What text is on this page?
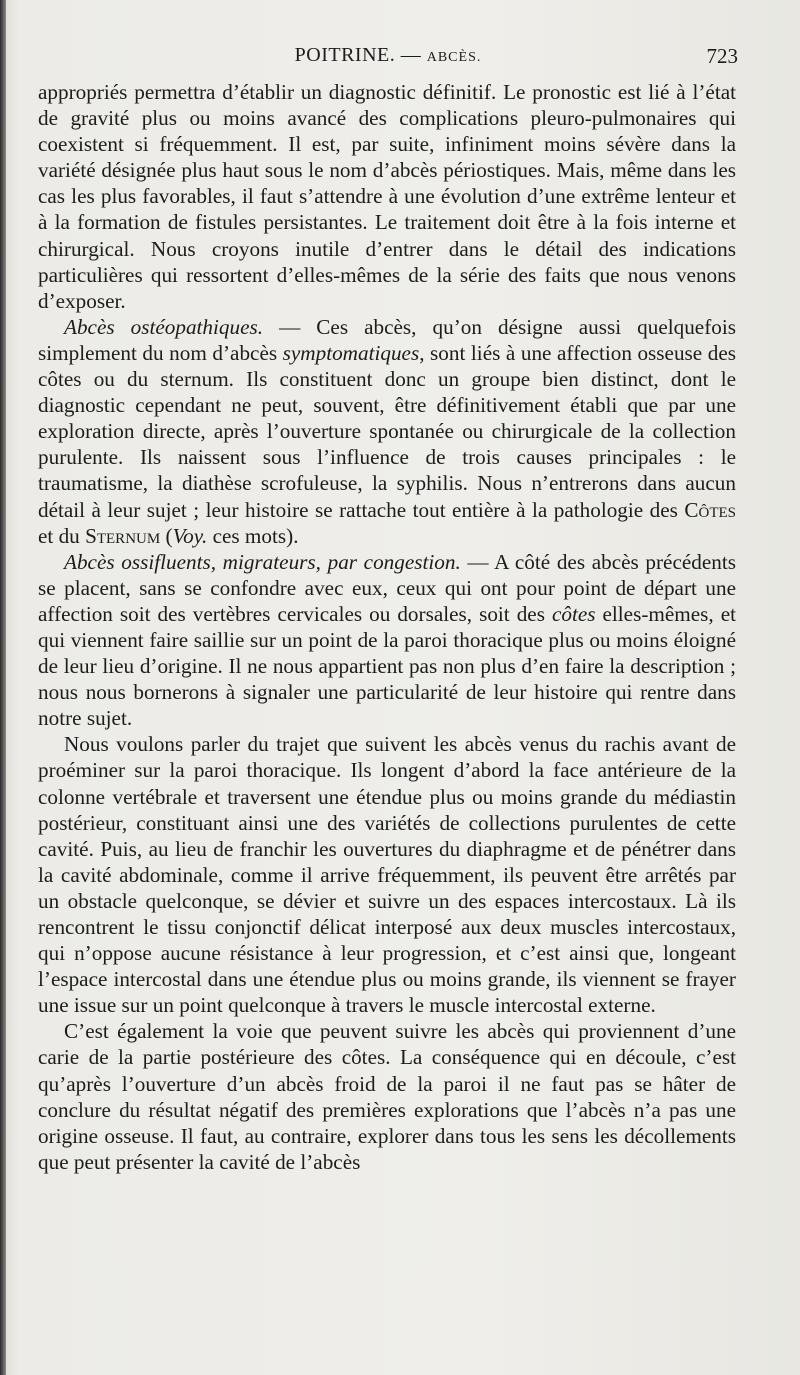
POITRINE. — ABCÈS.	723

appropriés permettra d’établir un diagnostic définitif. Le pronostic est lié à l’état de gravité plus ou moins avancé des complications pleuro-pulmonaires qui coexistent si fréquemment. Il est, par suite, infiniment moins sévère dans la variété désignée plus haut sous le nom d’abcès périostiques. Mais, même dans les cas les plus favorables, il faut s’attendre à une évolution d’une extrême lenteur et à la formation de fistules persistantes. Le traitement doit être à la fois interne et chirurgical. Nous croyons inutile d’entrer dans le détail des indications particulières qui ressortent d’elles-mêmes de la série des faits que nous venons d’exposer.

Abcès ostéopathiques. — Ces abcès, qu’on désigne aussi quelquefois simplement du nom d’abcès symptomatiques, sont liés à une affection osseuse des côtes ou du sternum. Ils constituent donc un groupe bien distinct, dont le diagnostic cependant ne peut, souvent, être définitivement établi que par une exploration directe, après l’ouverture spontanée ou chirurgicale de la collection purulente. Ils naissent sous l’influence de trois causes principales : le traumatisme, la diathèse scrofuleuse, la syphilis. Nous n’entrerons dans aucun détail à leur sujet ; leur histoire se rattache tout entière à la pathologie des Côtes et du Sternum (Voy. ces mots).

Abcès ossifluents, migrateurs, par congestion. — A côté des abcès précédents se placent, sans se confondre avec eux, ceux qui ont pour point de départ une affection soit des vertèbres cervicales ou dorsales, soit des côtes elles-mêmes, et qui viennent faire saillie sur un point de la paroi thoracique plus ou moins éloigné de leur lieu d’origine. Il ne nous appartient pas non plus d’en faire la description ; nous nous bornerons à signaler une particularité de leur histoire qui rentre dans notre sujet.

Nous voulons parler du trajet que suivent les abcès venus du rachis avant de proéminer sur la paroi thoracique. Ils longent d’abord la face antérieure de la colonne vertébrale et traversent une étendue plus ou moins grande du médiastin postérieur, constituant ainsi une des variétés de collections purulentes de cette cavité. Puis, au lieu de franchir les ouvertures du diaphragme et de pénétrer dans la cavité abdominale, comme il arrive fréquemment, ils peuvent être arrêtés par un obstacle quelconque, se dévier et suivre un des espaces intercostaux. Là ils rencontrent le tissu conjonctif délicat interposé aux deux muscles intercostaux, qui n’oppose aucune résistance à leur progression, et c’est ainsi que, longeant l’espace intercostal dans une étendue plus ou moins grande, ils viennent se frayer une issue sur un point quelconque à travers le muscle intercostal externe.

C’est également la voie que peuvent suivre les abcès qui proviennent d’une carie de la partie postérieure des côtes. La conséquence qui en découle, c’est qu’après l’ouverture d’un abcès froid de la paroi il ne faut pas se hâter de conclure du résultat négatif des premières explorations que l’abcès n’a pas une origine osseuse. Il faut, au contraire, explorer dans tous les sens les décollements que peut présenter la cavité de l’abcès
